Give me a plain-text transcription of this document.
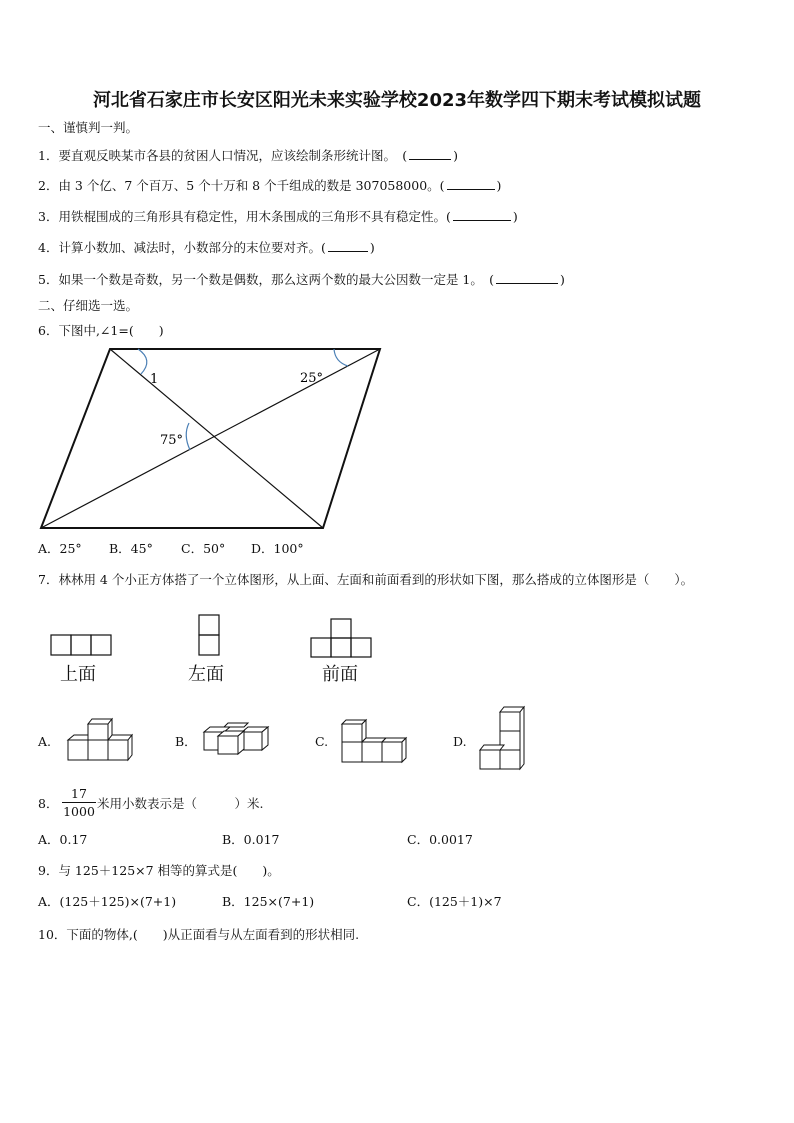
河北省石家庄市长安区阳光未来实验学校2023年数学四下期末考试模拟试题
一、谨慎判一判。
1．要直观反映某市各县的贫困人口情况，应该绘制条形统计图。　(	)
2．由 3 个亿、7 个百万、5 个十万和 8 个千组成的数是 307058000。(	)
3．用铁棍围成的三角形具有稳定性，用木条围成的三角形不具有稳定性。(	)
4．计算小数加、减法时，小数部分的末位要对齐。(	)
5．如果一个数是奇数，另一个数是偶数，那么这两个数的最大公因数一定是 1。　(	)
二、仔细选一选。
6．下图中,∠1=(　　)
1	25°
75°
A．25° B．45° C．50° D．100°
7．林林用 4 个小正方体搭了一个立体图形，从上面、左面和前面看到的形状如下图，那么搭成的立体图形是（　　）。
上面	左面	前面
A.	B．	C.	D.
8．
17
1000
米用小数表示是（　　　）米.
A．0.17	B．0.017	C．0.0017
9．与 125＋125×7 相等的算式是(　　)。
A．(125＋125)×(7+1)	B．125×(7+1)	C．(125＋1)×7
10．下面的物体,(　　)从正面看与从左面看到的形状相同.
